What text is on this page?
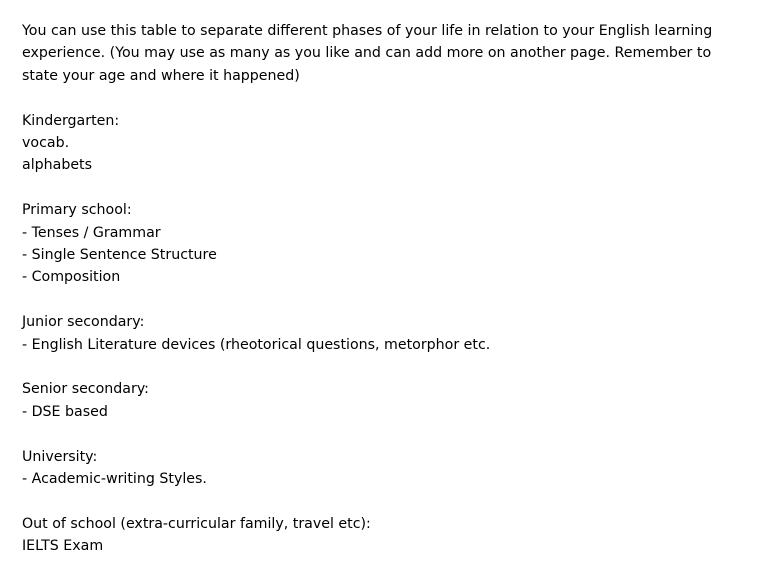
You can use this table to separate different phases of your life in relation to your English learning experience. (You may use as many as you like and can add more on another page. Remember to state your age and where it happened)

Kindergarten:
vocab.
alphabets
Primary school:
- Tenses / Grammar
- Single Sentence Structure
- Composition
Junior secondary:
- English Literature devices (rheotorical questions, metorphor etc.
Senior secondary:
- DSE based
University:
- Academic-writing Styles.
Out of school (extra-curricular family, travel etc):
IELTS Exam
